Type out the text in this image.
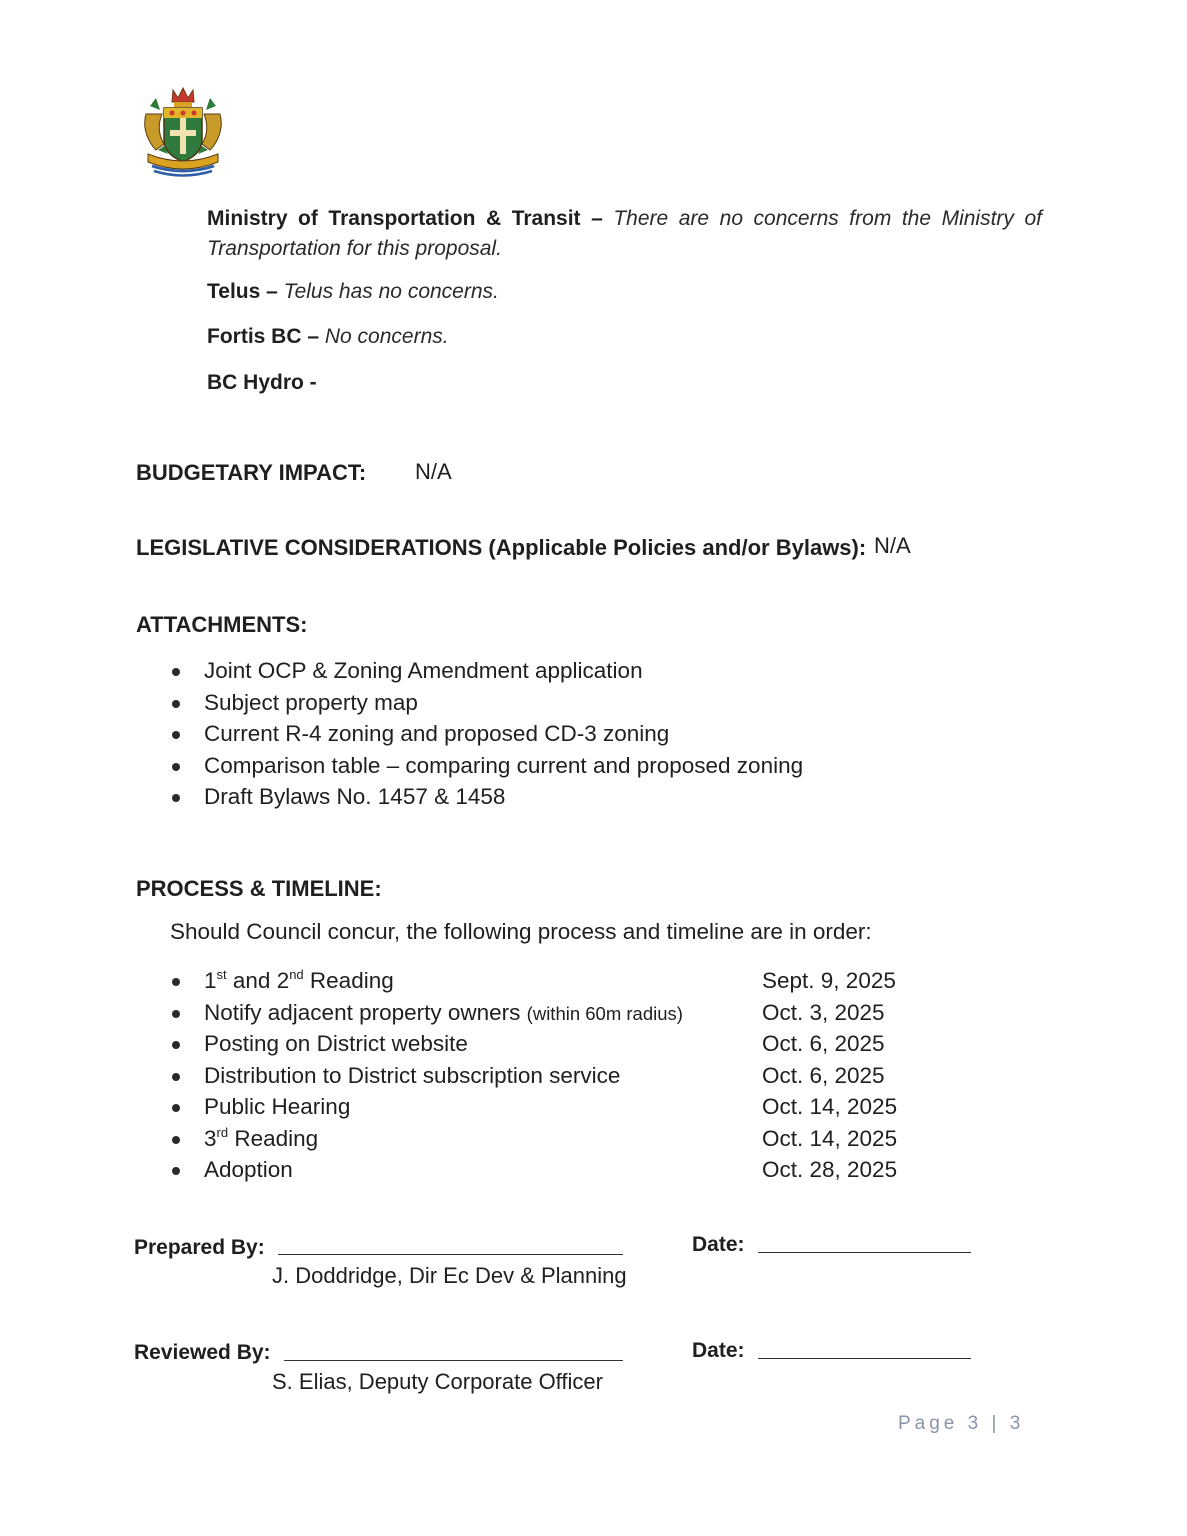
Ministry of Transportation & Transit – There are no concerns from the Ministry of Transportation for this proposal.
Telus – Telus has no concerns.
Fortis BC – No concerns.
BC Hydro -
BUDGETARY IMPACT: N/A
LEGISLATIVE CONSIDERATIONS (Applicable Policies and/or Bylaws): N/A
ATTACHMENTS:
Joint OCP & Zoning Amendment application
Subject property map
Current R-4 zoning and proposed CD-3 zoning
Comparison table – comparing current and proposed zoning
Draft Bylaws No. 1457 & 1458
PROCESS & TIMELINE:
Should Council concur, the following process and timeline are in order:
1st and 2nd Reading	Sept. 9, 2025
Notify adjacent property owners (within 60m radius)	Oct. 3, 2025
Posting on District website	Oct. 6, 2025
Distribution to District subscription service	Oct. 6, 2025
Public Hearing	Oct. 14, 2025
3rd Reading	Oct. 14, 2025
Adoption	Oct. 28, 2025
Prepared By:
J. Doddridge, Dir Ec Dev & Planning
Date:
Reviewed By:
S. Elias, Deputy Corporate Officer
Date:
Page 3 | 3
